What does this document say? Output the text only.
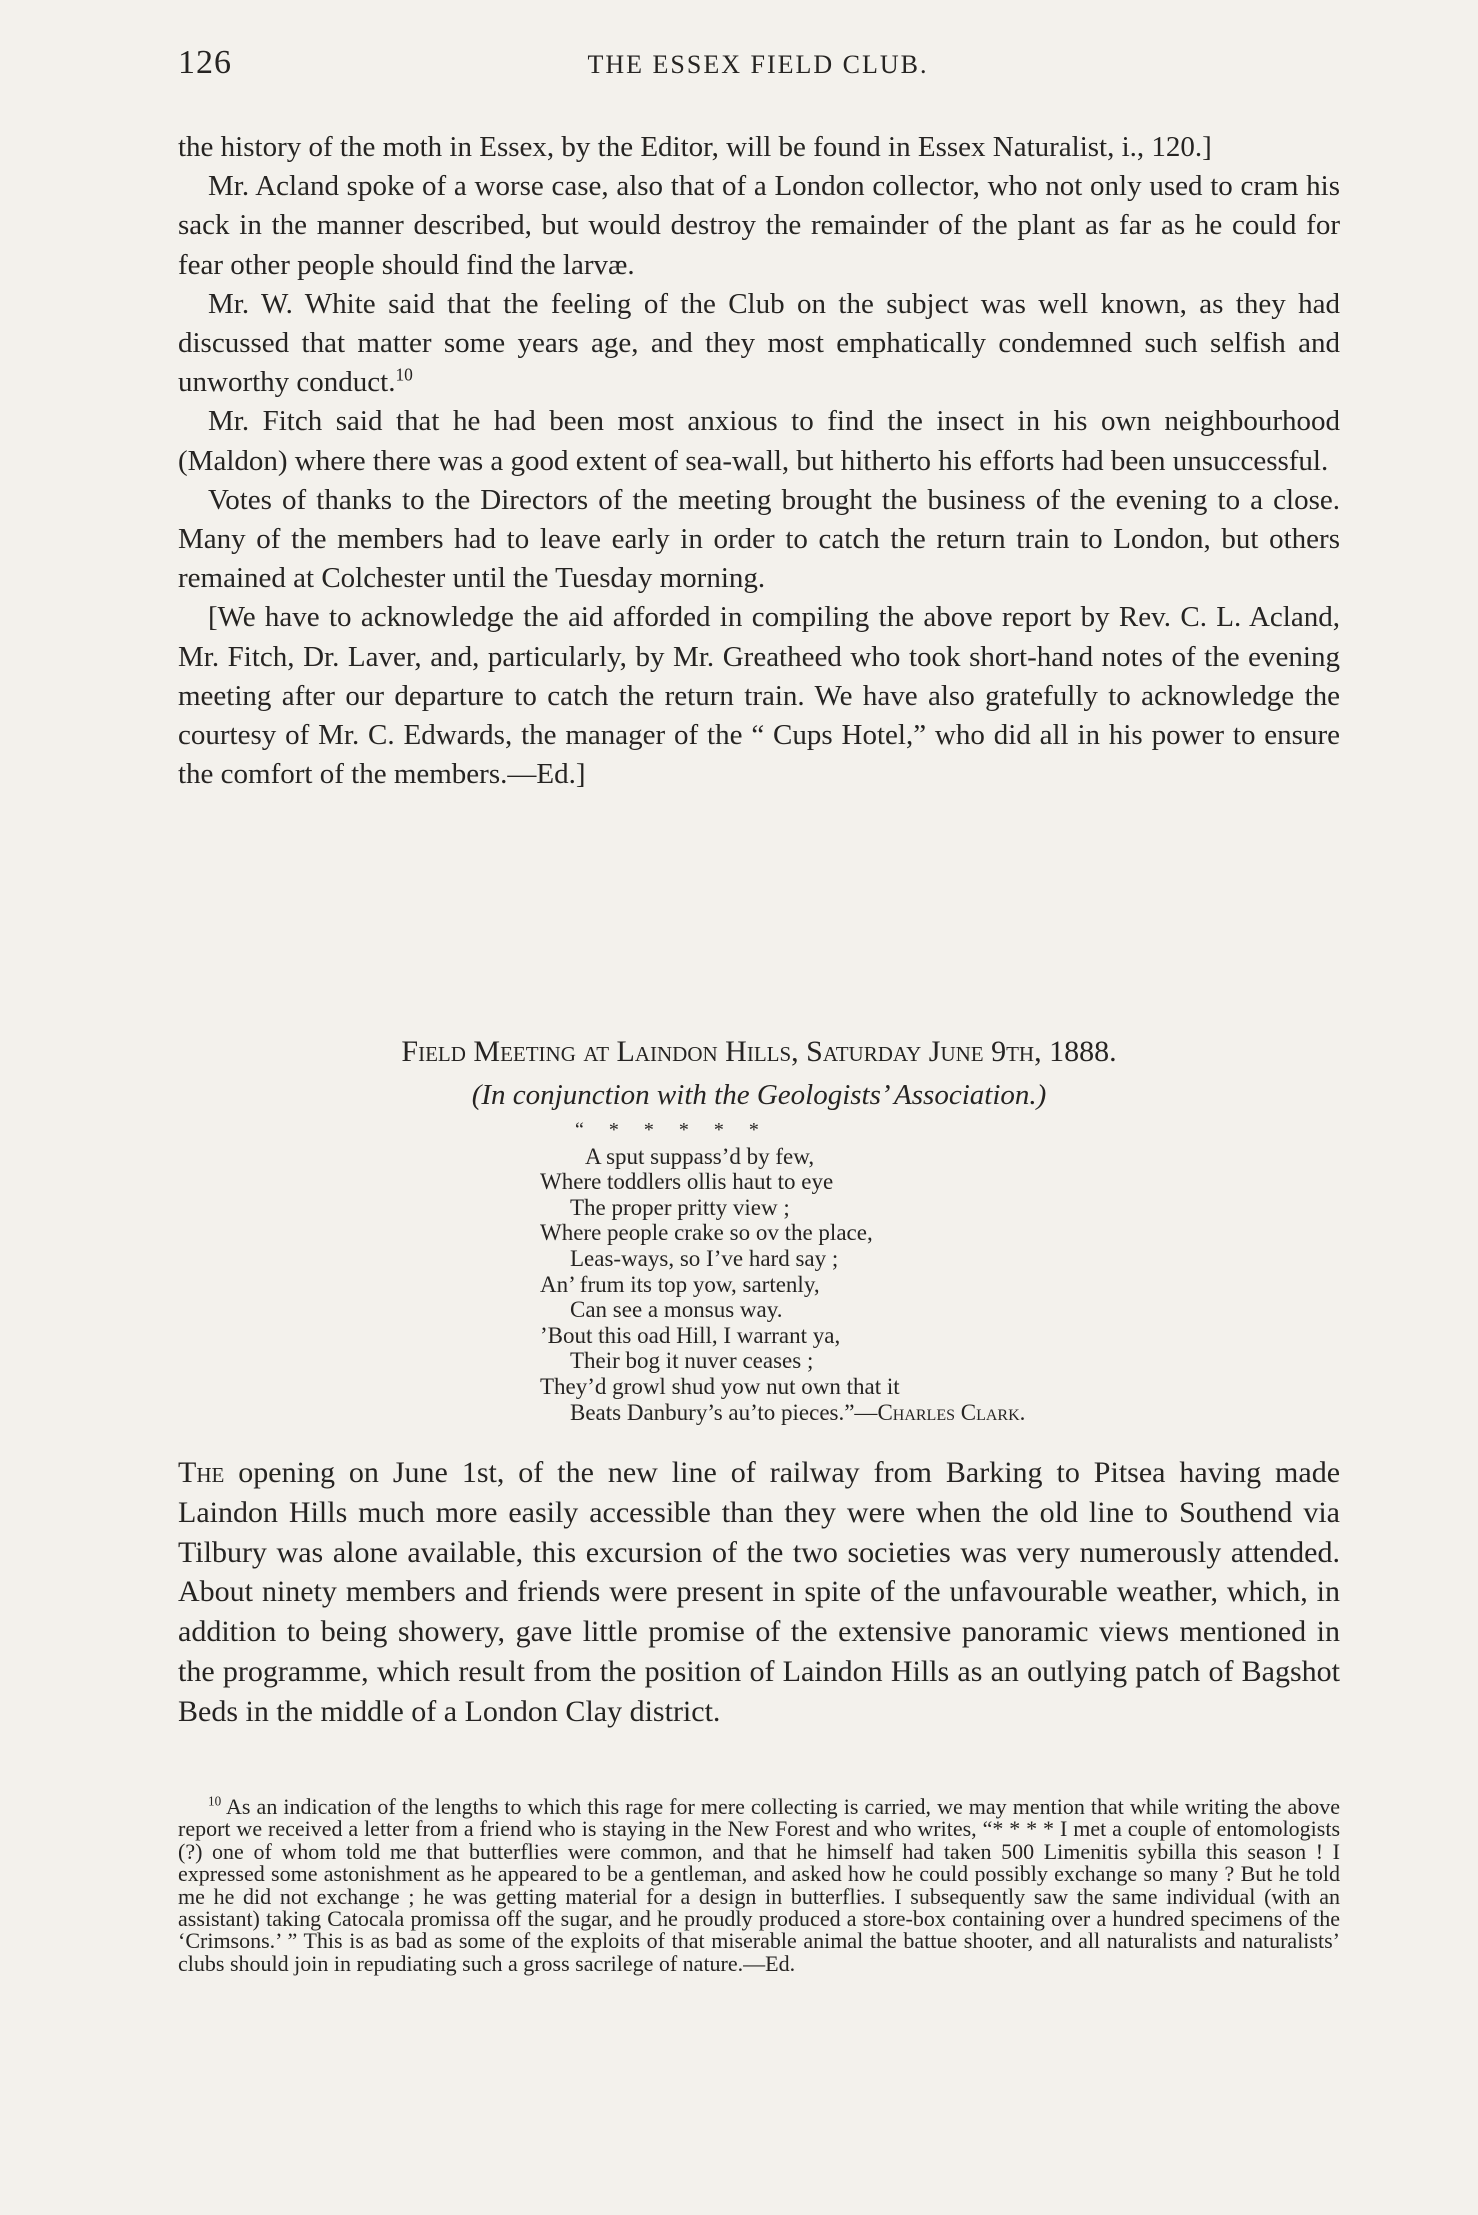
126	THE ESSEX FIELD CLUB.

the history of the moth in Essex, by the Editor, will be found in Essex Naturalist, i., 120.]

Mr. Acland spoke of a worse case, also that of a London collector, who not only used to cram his sack in the manner described, but would destroy the remainder of the plant as far as he could for fear other people should find the larvæ.

Mr. W. White said that the feeling of the Club on the subject was well known, as they had discussed that matter some years age, and they most emphatically condemned such selfish and unworthy conduct.$^{10}$

Mr. Fitch said that he had been most anxious to find the insect in his own neighbourhood (Maldon) where there was a good extent of sea-wall, but hitherto his efforts had been unsuccessful.

Votes of thanks to the Directors of the meeting brought the business of the evening to a close. Many of the members had to leave early in order to catch the return train to London, but others remained at Colchester until the Tuesday morning.

[We have to acknowledge the aid afforded in compiling the above report by Rev. C. L. Acland, Mr. Fitch, Dr. Laver, and, particularly, by Mr. Greatheed who took short-hand notes of the evening meeting after our departure to catch the return train. We have also gratefully to acknowledge the courtesy of Mr. C. Edwards, the manager of the “ Cups Hotel,” who did all in his power to ensure the comfort of the members.—Ed.]

Field Meeting at Laindon Hills, Saturday June 9th, 1888.
(In conjunction with the Geologists’ Association.)
“ * * * * *
A sput suppass’d by few,
Where toddlers ollis haut to eye
The proper pritty view ;
Where people crake so ov the place,
Leas-ways, so I’ve hard say ;
An’ frum its top yow, sartenly,
Can see a monsus way.
’Bout this oad Hill, I warrant ya,
Their bog it nuver ceases ;
They’d growl shud yow nut own that it
Beats Danbury’s au’to pieces.”—Charles Clark.

The opening on June 1st, of the new line of railway from Barking to Pitsea having made Laindon Hills much more easily accessible than they were when the old line to Southend via Tilbury was alone available, this excursion of the two societies was very numerously attended. About ninety members and friends were present in spite of the unfavourable weather, which, in addition to being showery, gave little promise of the extensive panoramic views mentioned in the programme, which result from the position of Laindon Hills as an outlying patch of Bagshot Beds in the middle of a London Clay district.

$^{10}$ As an indication of the lengths to which this rage for mere collecting is carried, we may mention that while writing the above report we received a letter from a friend who is staying in the New Forest and who writes, “* * * * I met a couple of entomologists (?) one of whom told me that butterflies were common, and that he himself had taken 500 Limenitis sybilla this season ! I expressed some astonishment as he appeared to be a gentleman, and asked how he could possibly exchange so many ? But he told me he did not exchange ; he was getting material for a design in butterflies. I subsequently saw the same individual (with an assistant) taking Catocala promissa off the sugar, and he proudly produced a store-box containing over a hundred specimens of the ‘Crimsons.’ ” This is as bad as some of the exploits of that miserable animal the battue shooter, and all naturalists and naturalists’ clubs should join in repudiating such a gross sacrilege of nature.—Ed.
